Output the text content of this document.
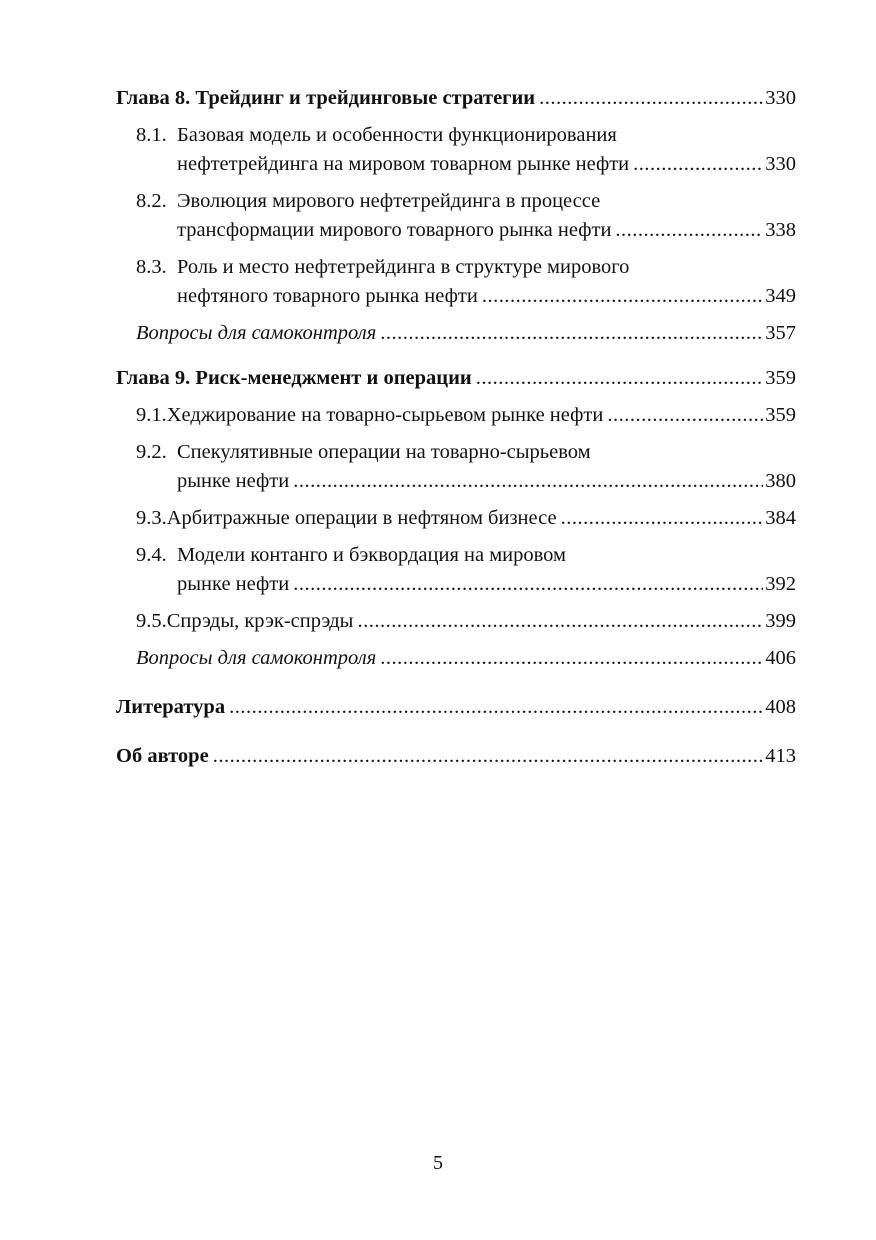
Глава 8. Трейдинг и трейдинговые стратегии .....	330
8.1. Базовая модель и особенности функционирования
нефтетрейдинга на мировом товарном рынке нефти .....	330
8.2. Эволюция мирового нефтетрейдинга в процессе
трансформации мирового товарного рынка нефти .....	338
8.3. Роль и место нефтетрейдинга в структуре мирового
нефтяного товарного рынка нефти .....	349
Вопросы для самоконтроля .....	357
Глава 9. Риск-менеджмент и операции .....	359
9.1. Хеджирование на товарно-сырьевом рынке нефти .....	359
9.2. Спекулятивные операции на товарно-сырьевом
рынке нефти .....	380
9.3. Арбитражные операции в нефтяном бизнесе .....	384
9.4. Модели контанго и бэквордация на мировом
рынке нефти .....	392
9.5. Спрэды, крэк-спрэды .....	399
Вопросы для самоконтроля .....	406
Литература .....	408
Об авторе .....	413
5
